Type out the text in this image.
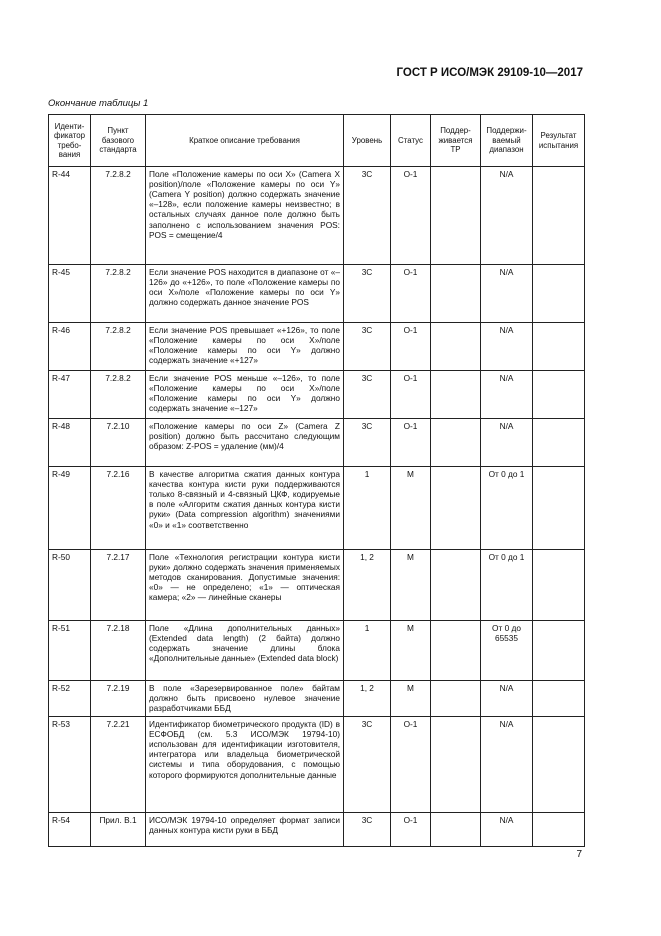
ГОСТ Р ИСО/МЭК 29109-10—2017
Окончание таблицы 1
Иденти-фикатор требо-вания	Пункт базового стандарта	Краткое описание требования	Уровень	Статус	Поддер-живается ТР	Поддержи-ваемый диапазон	Результат испытания
R-44	7.2.8.2	Поле «Положение камеры по оси X» (Camera X position)/поле «Положение камеры по оси Y» (Camera Y position) должно содержать значение «–128», если положение камеры неизвестно; в остальных случаях данное поле должно быть заполнено с использованием значения POS: POS = смещение/4	3C	O-1		N/A	
R-45	7.2.8.2	Если значение POS находится в диапазоне от «–126» до «+126», то поле «Положение камеры по оси X»/поле «Положение камеры по оси Y» должно содержать данное значение POS	3C	O-1		N/A	
R-46	7.2.8.2	Если значение POS превышает «+126», то поле «Положение камеры по оси X»/поле «Положение камеры по оси Y» должно содержать значение «+127»	3C	O-1		N/A	
R-47	7.2.8.2	Если значение POS меньше «–126», то поле «Положение камеры по оси X»/поле «Положение камеры по оси Y» должно содержать значение «–127»	3C	O-1		N/A	
R-48	7.2.10	«Положение камеры по оси Z» (Camera Z position) должно быть рассчитано следующим образом: Z-POS = удаление (мм)/4	3C	O-1		N/A	
R-49	7.2.16	В качестве алгоритма сжатия данных контура качества контура кисти руки поддерживаются только 8-связный и 4-связный ЦКФ, кодируемые в поле «Алгоритм сжатия данных контура кисти руки» (Data compression algorithm) значениями «0» и «1» соответственно	1	M		От 0 до 1	
R-50	7.2.17	Поле «Технология регистрации контура кисти руки» должно содержать значения применяемых методов сканирования. Допустимые значения: «0» — не определено; «1» — оптическая камера; «2» — линейные сканеры	1, 2	M		От 0 до 1	
R-51	7.2.18	Поле «Длина дополнительных данных» (Extended data length) (2 байта) должно содержать значение длины блока «Дополнительные данные» (Extended data block)	1	M		От 0 до 65535	
R-52	7.2.19	В поле «Зарезервированное поле» байтам должно быть присвоено нулевое значение разработчиками ББД	1, 2	M		N/A	
R-53	7.2.21	Идентификатор биометрического продукта (ID) в ЕСФОБД (см. 5.3 ИСО/МЭК 19794-10) использован для идентификации изготовителя, интегратора или владельца биометрической системы и типа оборудования, с помощью которого формируются дополнительные данные	3C	O-1		N/A	
R-54	Прил. B.1	ИСО/МЭК 19794-10 определяет формат записи данных контура кисти руки в ББД	3C	O-1		N/A	
7
